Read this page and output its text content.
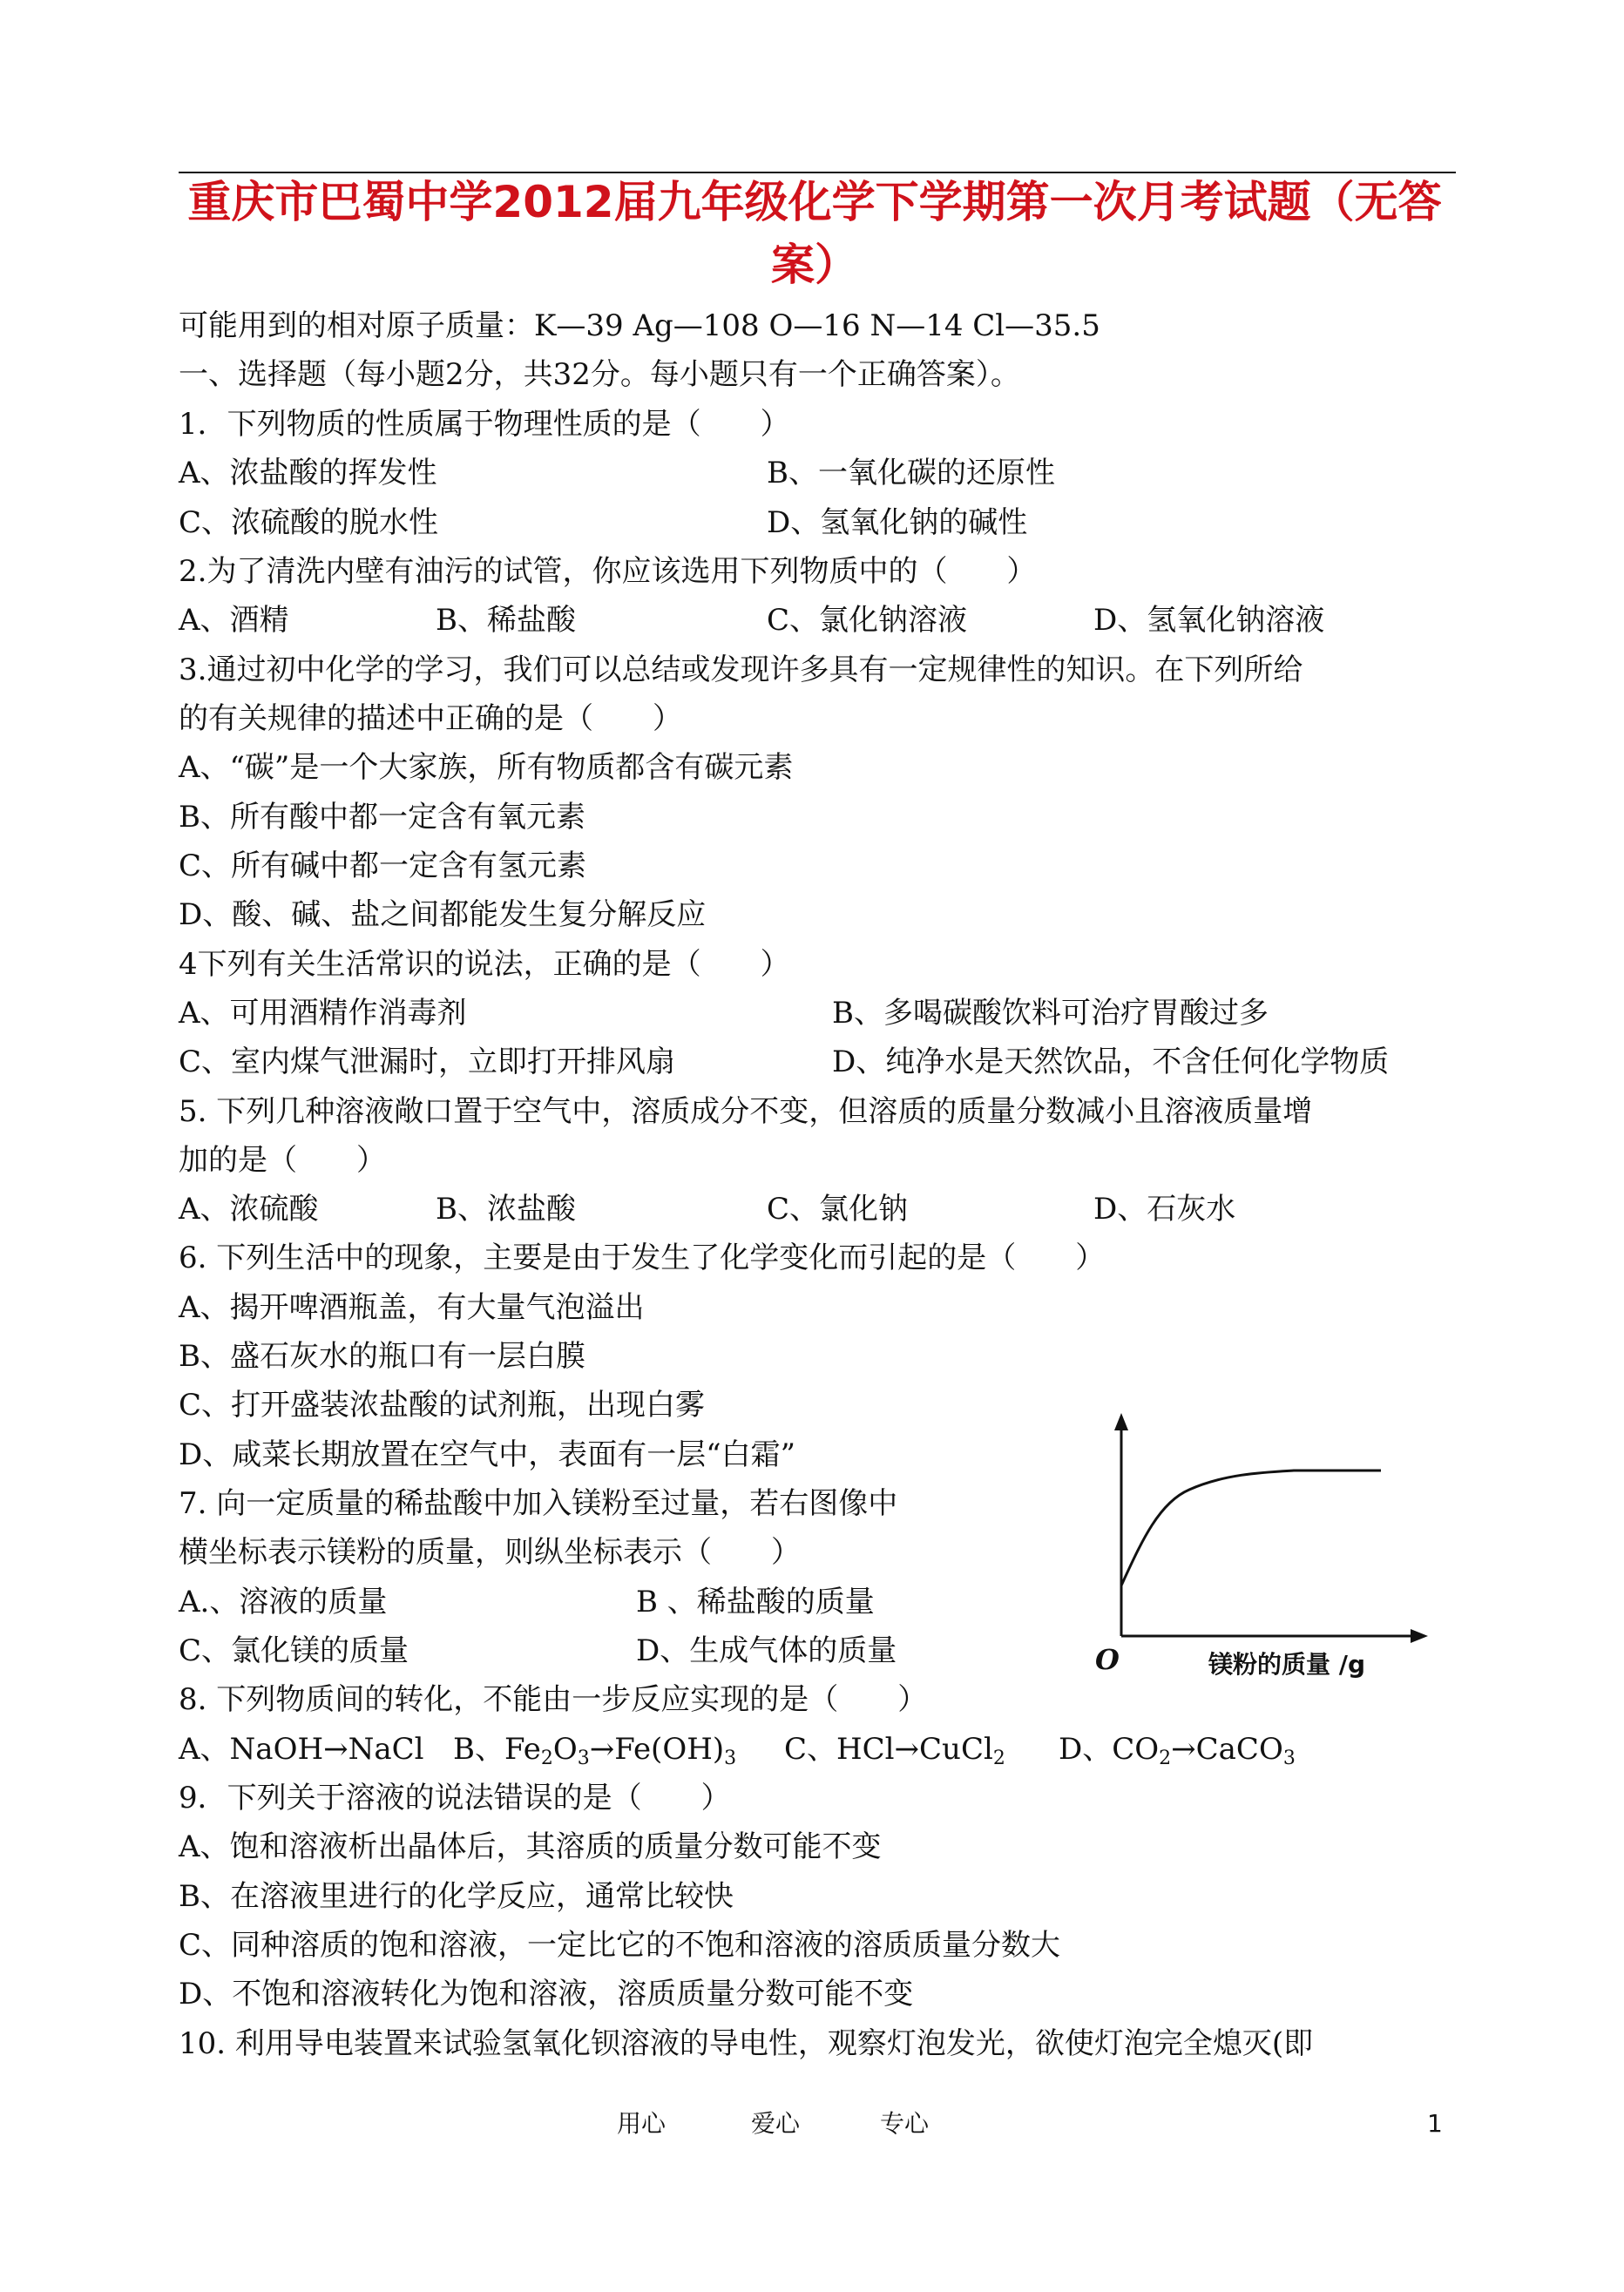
重庆市巴蜀中学2012届九年级化学下学期第一次月考试题（无答
案）
可能用到的相对原子质量：K—39 Ag—108 O—16 N—14 Cl—35.5
一、选择题（每小题2分，共32分。每小题只有一个正确答案）。
1．下列物质的性质属于物理性质的是（　　）
A、浓盐酸的挥发性	B、一氧化碳的还原性
C、浓硫酸的脱水性	D、氢氧化钠的碱性
2.为了清洗内壁有油污的试管，你应该选用下列物质中的（　　）
A、酒精	B、稀盐酸	C、氯化钠溶液	D、氢氧化钠溶液
3.通过初中化学的学习，我们可以总结或发现许多具有一定规律性的知识。在下列所给
的有关规律的描述中正确的是（　　）
A、“碳”是一个大家族，所有物质都含有碳元素
B、所有酸中都一定含有氧元素
C、所有碱中都一定含有氢元素
D、酸、碱、盐之间都能发生复分解反应
4下列有关生活常识的说法，正确的是（　　）
A、可用酒精作消毒剂	B、多喝碳酸饮料可治疗胃酸过多
C、室内煤气泄漏时，立即打开排风扇	D、纯净水是天然饮品，不含任何化学物质
5. 下列几种溶液敞口置于空气中，溶质成分不变，但溶质的质量分数减小且溶液质量增
加的是（　　）
A、浓硫酸	B、浓盐酸	C、氯化钠	D、石灰水
6. 下列生活中的现象，主要是由于发生了化学变化而引起的是（　　）
A、揭开啤酒瓶盖，有大量气泡溢出
B、盛石灰水的瓶口有一层白膜
C、打开盛装浓盐酸的试剂瓶，出现白雾
D、咸菜长期放置在空气中，表面有一层“白霜”
7. 向一定质量的稀盐酸中加入镁粉至过量，若右图像中
横坐标表示镁粉的质量，则纵坐标表示（　　）
A.、溶液的质量	B 、稀盐酸的质量
C、氯化镁的质量	D、生成气体的质量	O	镁粉的质量 /g
8. 下列物质间的转化，不能由一步反应实现的是（　　）
A、NaOH→NaCl B、$Fe_2O_3\to Fe(OH)_3$ C、HCl→CuCl$_2$ D、$CO_2\to CaCO_3$
9．下列关于溶液的说法错误的是（　　）
A、饱和溶液析出晶体后，其溶质的质量分数可能不变
B、在溶液里进行的化学反应，通常比较快
C、同种溶质的饱和溶液，一定比它的不饱和溶液的溶质质量分数大
D、不饱和溶液转化为饱和溶液，溶质质量分数可能不变
10. 利用导电装置来试验氢氧化钡溶液的导电性，观察灯泡发光，欲使灯泡完全熄灭(即
用心	爱心	专心	1
